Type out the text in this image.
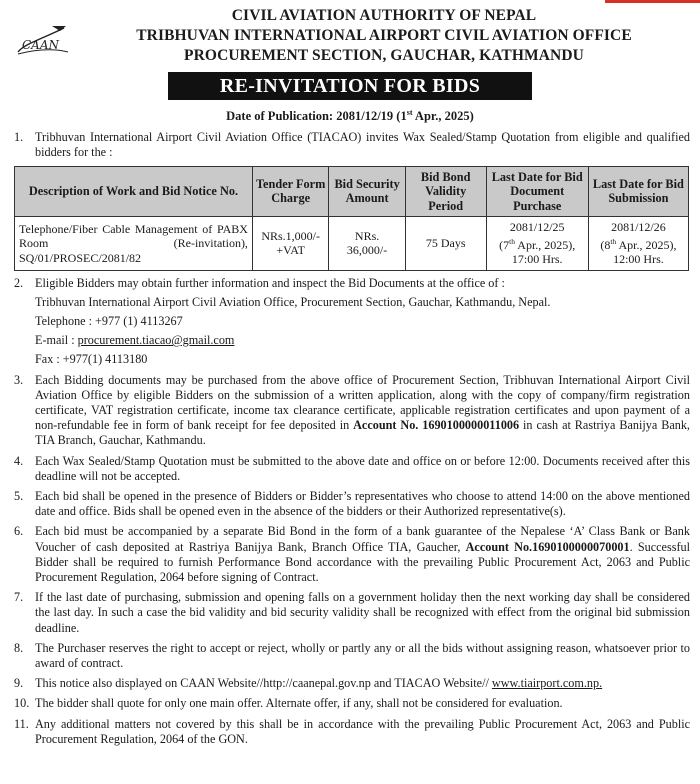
CAAN
CIVIL AVIATION AUTHORITY OF NEPAL
TRIBHUVAN INTERNATIONAL AIRPORT CIVIL AVIATION OFFICE
PROCUREMENT SECTION, GAUCHAR, KATHMANDU
RE-INVITATION FOR BIDS
Date of Publication: 2081/12/19 (1st Apr., 2025)
1. Tribhuvan International Airport Civil Aviation Office (TIACAO) invites Wax Sealed/Stamp Quotation from eligible and qualified bidders for the :
Description of Work and Bid Notice No.	Tender Form Charge	Bid Security Amount	Bid Bond Validity Period	Last Date for Bid Document Purchase	Last Date for Bid Submission
Telephone/Fiber Cable Management of PABX Room (Re-invitation), SQ/01/PROSEC/2081/82	NRs.1,000/-
+VAT	NRs.
36,000/-	75 Days	2081/12/25
(7th Apr., 2025),
17:00 Hrs.	2081/12/26
(8th Apr., 2025),
12:00 Hrs.
2. Eligible Bidders may obtain further information and inspect the Bid Documents at the office of :
Tribhuvan International Airport Civil Aviation Office, Procurement Section, Gauchar, Kathmandu, Nepal.
Telephone : +977 (1) 4113267
E-mail : procurement.tiacao@gmail.com
Fax : +977(1) 4113180
3. Each Bidding documents may be purchased from the above office of Procurement Section, Tribhuvan International Airport Civil Aviation Office by eligible Bidders on the submission of a written application, along with the copy of company/firm registration certificate, VAT registration certificate, income tax clearance certificate, applicable registration certificates and upon payment of a non-refundable fee in form of bank receipt for fee deposited in Account No. 1690100000011006 in cash at Rastriya Banijya Bank, TIA Branch, Gauchar, Kathmandu.
4. Each Wax Sealed/Stamp Quotation must be submitted to the above date and office on or before 12:00. Documents received after this deadline will not be accepted.
5. Each bid shall be opened in the presence of Bidders or Bidder’s representatives who choose to attend 14:00 on the above mentioned date and office. Bids shall be opened even in the absence of the bidders or their Authorized representative(s).
6. Each bid must be accompanied by a separate Bid Bond in the form of a bank guarantee of the Nepalese ‘A’ Class Bank or Bank Voucher of cash deposited at Rastriya Banijya Bank, Branch Office TIA, Gaucher, Account No.1690100000070001. Successful Bidder shall be required to furnish Performance Bond accordance with the prevailing Public Procurement Act, 2063 and Public Procurement Regulation, 2064 before signing of Contract.
7. If the last date of purchasing, submission and opening falls on a government holiday then the next working day shall be considered the last day. In such a case the bid validity and bid security validity shall be recognized with effect from the original bid submission deadline.
8. The Purchaser reserves the right to accept or reject, wholly or partly any or all the bids without assigning reason, whatsoever prior to award of contract.
9. This notice also displayed on CAAN Website//http://caanepal.gov.np and TIACAO Website// www.tiairport.com.np.
10. The bidder shall quote for only one main offer. Alternate offer, if any, shall not be considered for evaluation.
11. Any additional matters not covered by this shall be in accordance with the prevailing Public Procurement Act, 2063 and Public Procurement Regulation, 2064 of the GON.
